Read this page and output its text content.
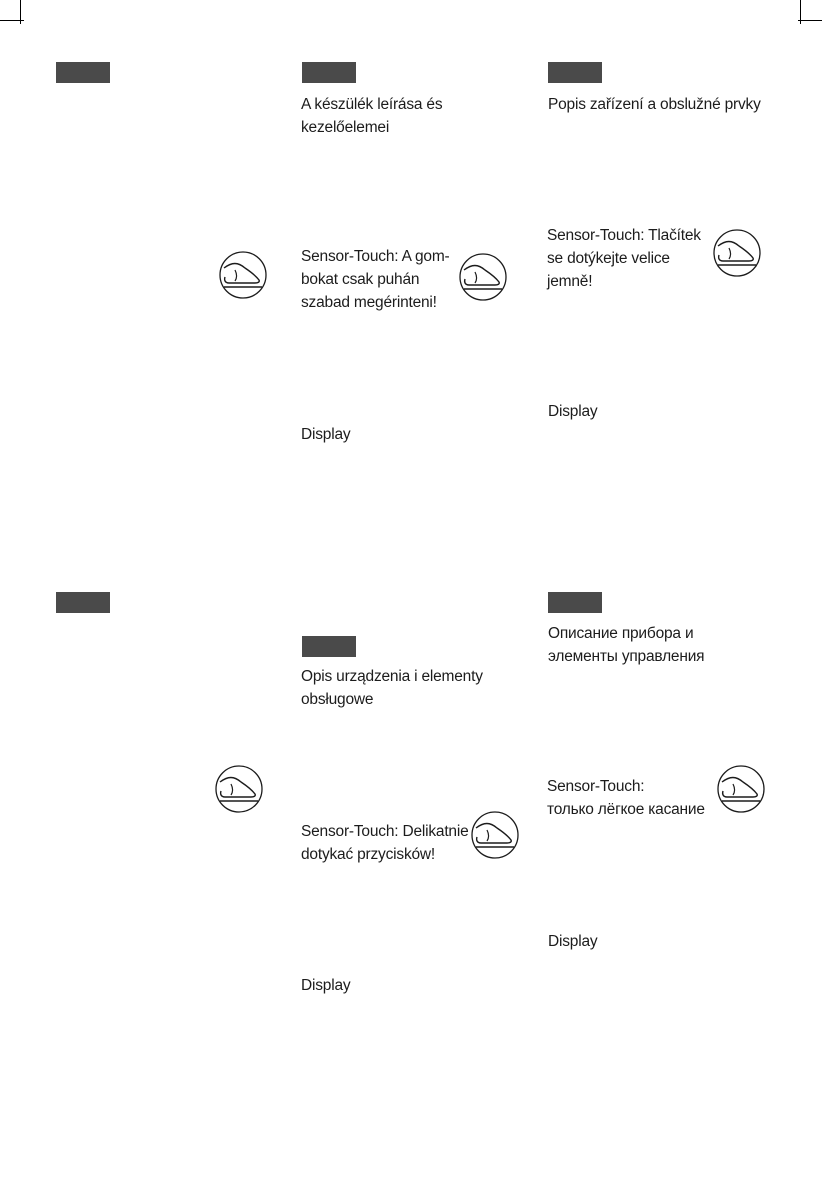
A készülék leírása és
kezelőelemei
Sensor-Touch: A gom-
bokat csak puhán
szabad megérinteni!
Display
Popis zařízení a obslužné prvky
Sensor-Touch: Tlačítek
se dotýkejte velice
jemně!
Display
Opis urządzenia i elementy
obsługowe
Sensor-Touch: Delikatnie
dotykać przycisków!
Display
Описание прибора и
элементы управления
Sensor-Touch:
только лёгкое касание
Display
